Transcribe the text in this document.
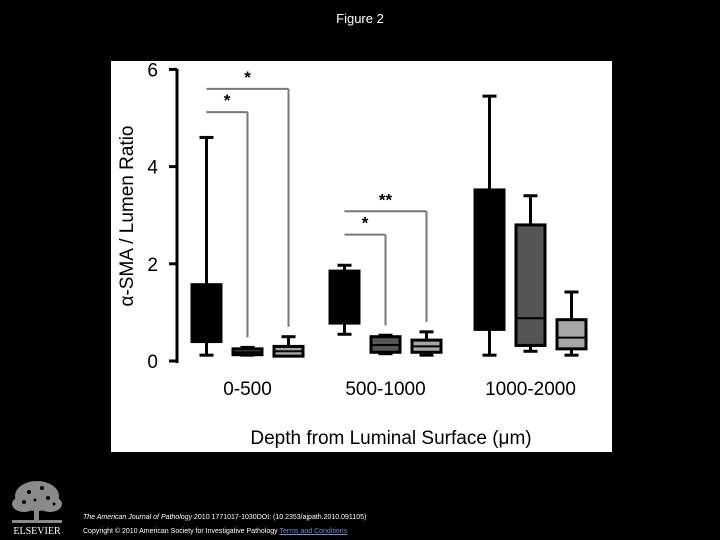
Figure 2
α-SMA / Lumen Ratio
Depth from Luminal Surface (μm)
0
2
4
6
0-500	500-1000	1000-2000
*
*
*
**
ELSEVIER
The American Journal of Pathology 2010 1771017-1030DOI: (10.2353/ajpath.2010.091105)
Copyright © 2010 American Society for Investigative Pathology Terms and Conditions
